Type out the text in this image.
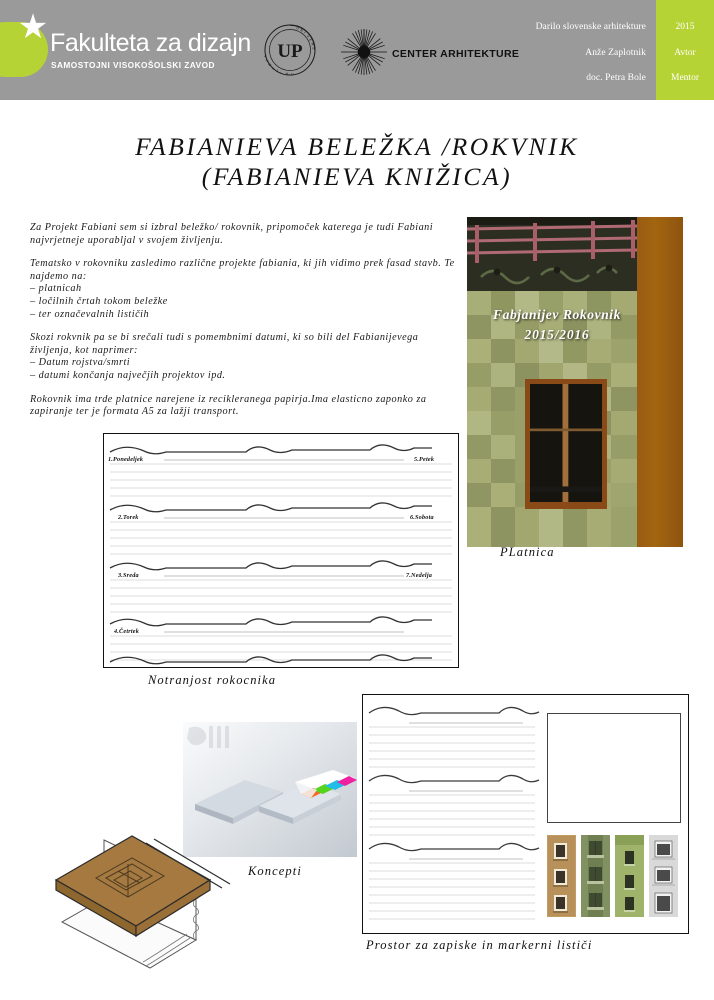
★ Fakulteta za dizajn
SAMOSTOJNI VISOKOŠOLSKI ZAVOD
UP
U N
I
V
E
R
Z
U
N
I
V
E
R
Z
A	CENTER ARHITEKTURE
Darilo slovenske arhitekture
Anže Zaplotnik
doc. Petra Bole
2015
Avtor
Mentor
FABIANIEVA BELEŽKA /ROKVNIK
(FABIANIEVA KNIŽICA)

Za Projekt Fabiani sem si izbral beležko/ rokovnik, pripomoček katerega je tudi Fabiani najvrjetneje uporabljal v svojem življenju.

Tematsko v rokovniku zasledimo različne projekte fabiania, ki jih vidimo prek fasad stavb. Te najdemo na:
– platnicah
– ločilnih črtah tokom beležke
– ter označevalnih lističih

Skozi rokvnik pa se bi srečali tudi s pomembnimi datumi, ki so bili del Fabianijevega življenja, kot naprimer:
– Datum rojstva/smrti
– datumi končanja največjih projektov ipd.

Rokovnik ima trde platnice narejene iz recikleranega papirja.Ima elasticno zaponko za zapiranje ter je formata A5 za lažji transport.

Fabjanijev Rokovnik
2015/2016
PLatnica
1.Ponedeljek	5.Petek
2.Torek	6.Sobota
3.Sreda	7.Nedelja
4.Četrtek
Notranjost rokocnika
Koncepti
Prostor za zapiske in markerni lističi
